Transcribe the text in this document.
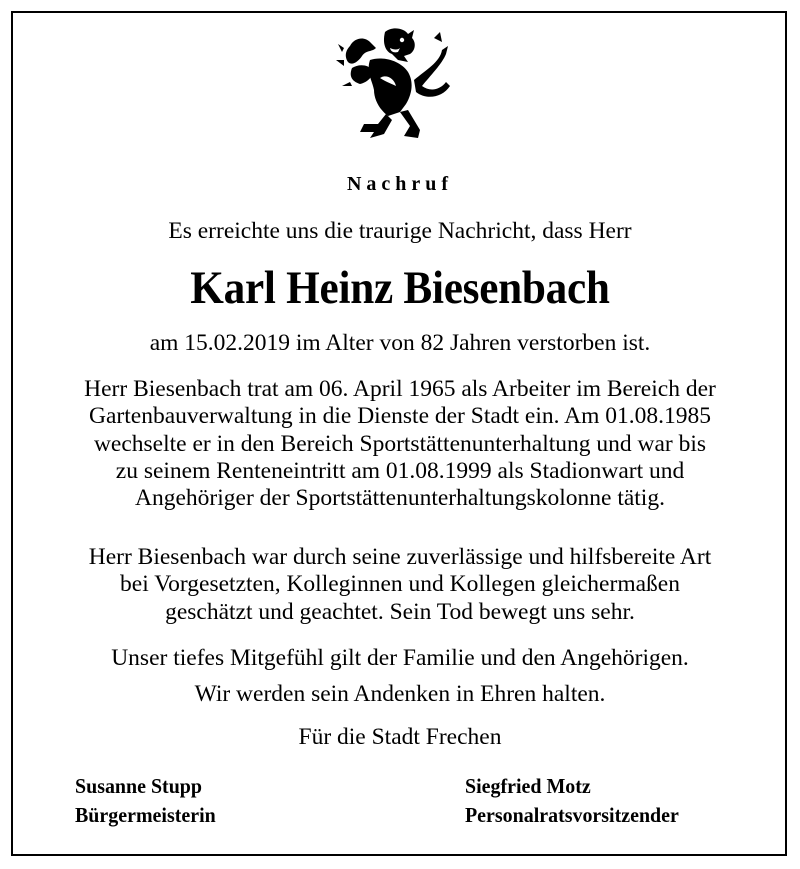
Nachruf
Es erreichte uns die traurige Nachricht, dass Herr
Karl Heinz Biesenbach
am 15.02.2019 im Alter von 82 Jahren verstorben ist.
Herr Biesenbach trat am 06. April 1965 als Arbeiter im Bereich der
Gartenbauverwaltung in die Dienste der Stadt ein. Am 01.08.1985
wechselte er in den Bereich Sportstättenunterhaltung und war bis
zu seinem Renteneintritt am 01.08.1999 als Stadionwart und
Angehöriger der Sportstättenunterhaltungskolonne tätig.
Herr Biesenbach war durch seine zuverlässige und hilfsbereite Art
bei Vorgesetzten, Kolleginnen und Kollegen gleichermaßen
geschätzt und geachtet. Sein Tod bewegt uns sehr.
Unser tiefes Mitgefühl gilt der Familie und den Angehörigen.
Wir werden sein Andenken in Ehren halten.
Für die Stadt Frechen
Susanne Stupp
Bürgermeisterin
Siegfried Motz
Personalratsvorsitzender
